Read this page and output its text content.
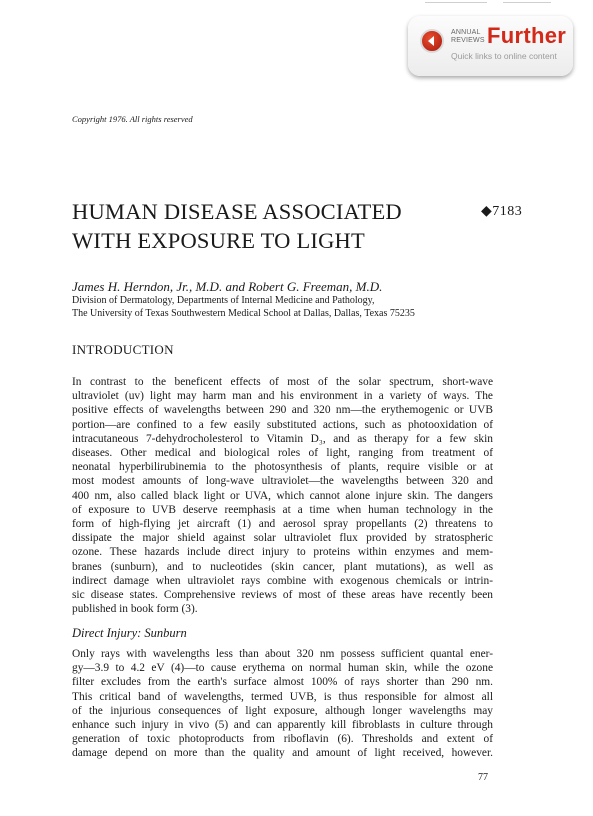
ANNUAL
REVIEWS Further
Quick links to online content
Copyright 1976. All rights reserved
HUMAN DISEASE ASSOCIATED
WITH EXPOSURE TO LIGHT
◆7183
James H. Herndon, Jr., M.D. and Robert G. Freeman, M.D.
Division of Dermatology, Departments of Internal Medicine and Pathology,
The University of Texas Southwestern Medical School at Dallas, Dallas, Texas 75235
INTRODUCTION
In contrast to the beneficent effects of most of the solar spectrum, short-wave
ultraviolet (uv) light may harm man and his environment in a variety of ways. The
positive effects of wavelengths between 290 and 320 nm—the erythemogenic or UVB
portion—are confined to a few easily substituted actions, such as photooxidation of
intracutaneous 7-dehydrocholesterol to Vitamin D₃, and as therapy for a few skin
diseases. Other medical and biological roles of light, ranging from treatment of
neonatal hyperbilirubinemia to the photosynthesis of plants, require visible or at
most modest amounts of long-wave ultraviolet—the wavelengths between 320 and
400 nm, also called black light or UVA, which cannot alone injure skin. The dangers
of exposure to UVB deserve reemphasis at a time when human technology in the
form of high-flying jet aircraft (1) and aerosol spray propellants (2) threatens to
dissipate the major shield against solar ultraviolet flux provided by stratospheric
ozone. These hazards include direct injury to proteins within enzymes and mem-
branes (sunburn), and to nucleotides (skin cancer, plant mutations), as well as
indirect damage when ultraviolet rays combine with exogenous chemicals or intrin-
sic disease states. Comprehensive reviews of most of these areas have recently been
published in book form (3).
Direct Injury: Sunburn
Only rays with wavelengths less than about 320 nm possess sufficient quantal ener-
gy—3.9 to 4.2 eV (4)—to cause erythema on normal human skin, while the ozone
filter excludes from the earth's surface almost 100% of rays shorter than 290 nm.
This critical band of wavelengths, termed UVB, is thus responsible for almost all
of the injurious consequences of light exposure, although longer wavelengths may
enhance such injury in vivo (5) and can apparently kill fibroblasts in culture through
generation of toxic photoproducts from riboflavin (6). Thresholds and extent of
damage depend on more than the quality and amount of light received, however.
77
